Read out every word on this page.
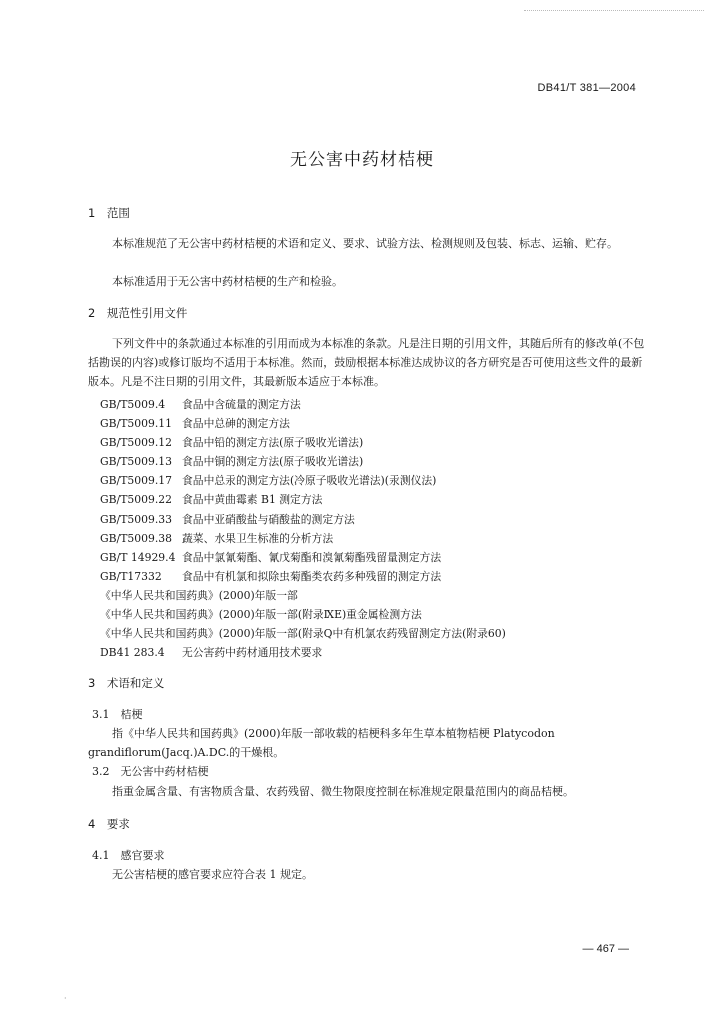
DB41/T 381—2004
无公害中药材桔梗
1　范围
本标准规范了无公害中药材桔梗的术语和定义、要求、试验方法、检测规则及包装、标志、运输、贮存。
本标准适用于无公害中药材桔梗的生产和检验。
2　规范性引用文件
下列文件中的条款通过本标准的引用而成为本标准的条款。凡是注日期的引用文件，其随后所有的修改单(不包括勘误的内容)或修订版均不适用于本标准。然而，鼓励根据本标准达成协议的各方研究是否可使用这些文件的最新版本。凡是不注日期的引用文件，其最新版本适应于本标准。
GB/T5009.4 食品中含硫量的测定方法
GB/T5009.11 食品中总砷的测定方法
GB/T5009.12 食品中铅的测定方法(原子吸收光谱法)
GB/T5009.13 食品中铜的测定方法(原子吸收光谱法)
GB/T5009.17 食品中总汞的测定方法(冷原子吸收光谱法)(汞测仪法)
GB/T5009.22 食品中黄曲霉素 B1 测定方法
GB/T5009.33 食品中亚硝酸盐与硝酸盐的测定方法
GB/T5009.38 蔬菜、水果卫生标准的分析方法
GB/T 14929.4 食品中氯氰菊酯、氰戊菊酯和溴氰菊酯残留量测定方法
GB/T17332 食品中有机氯和拟除虫菊酯类农药多种残留的测定方法
《中华人民共和国药典》(2000)年版一部
《中华人民共和国药典》(2000)年版一部(附录ⅨE)重金属检测方法
《中华人民共和国药典》(2000)年版一部(附录Q中有机氯农药残留测定方法(附录60)
DB41 283.4 无公害药中药材通用技术要求
3　术语和定义
3.1　桔梗
指《中华人民共和国药典》(2000)年版一部收载的桔梗科多年生草本植物桔梗 Platycodon grandiflorum(Jacq.)A.DC.的干燥根。
3.2　无公害中药材桔梗
指重金属含量、有害物质含量、农药残留、微生物限度控制在标准规定限量范围内的商品桔梗。
4　要求
4.1　感官要求
无公害桔梗的感官要求应符合表 1 规定。
— 467 —
·
